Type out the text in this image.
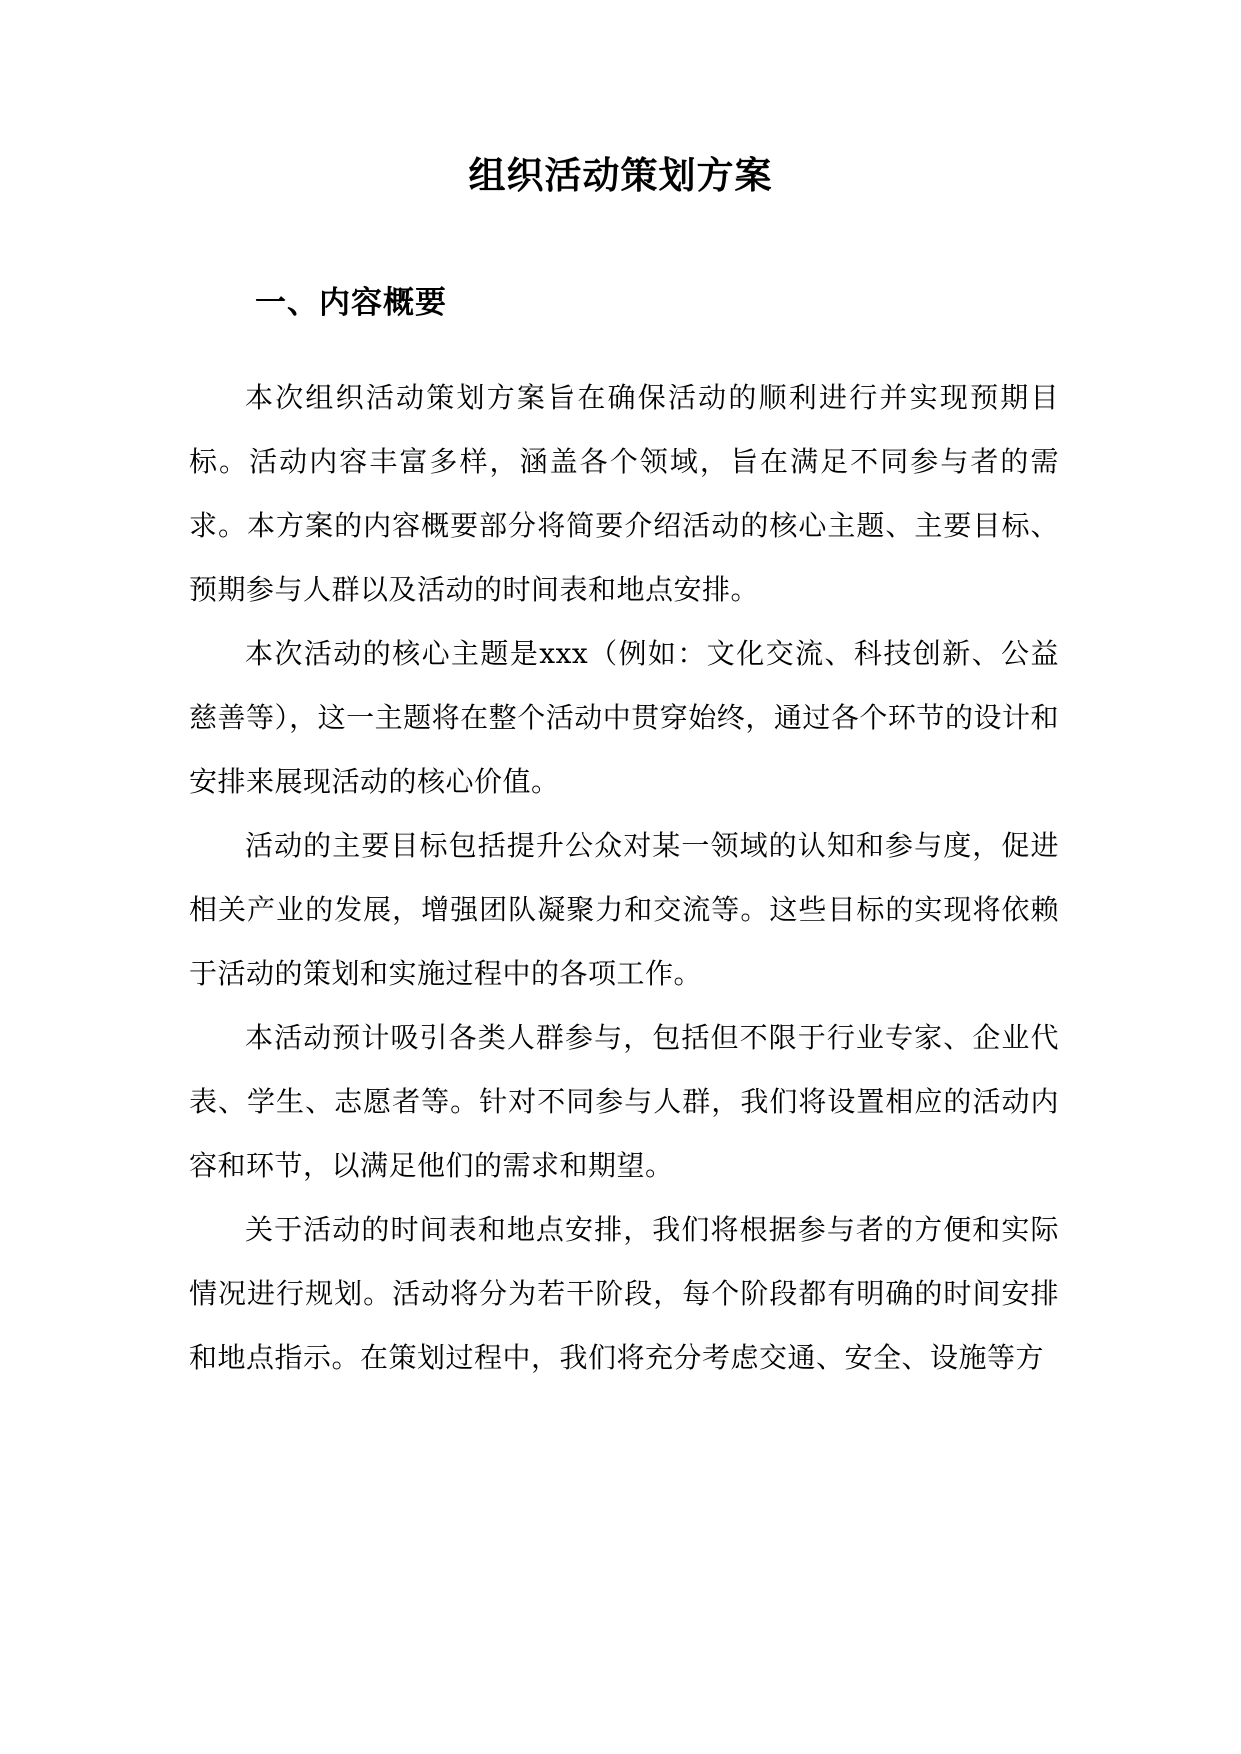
组织活动策划方案
一、内容概要

本次组织活动策划方案旨在确保活动的顺利进行并实现预期目标。活动内容丰富多样，涵盖各个领域，旨在满足不同参与者的需求。本方案的内容概要部分将简要介绍活动的核心主题、主要目标、预期参与人群以及活动的时间表和地点安排。

本次活动的核心主题是xxx（例如：文化交流、科技创新、公益慈善等），这一主题将在整个活动中贯穿始终，通过各个环节的设计和安排来展现活动的核心价值。

活动的主要目标包括提升公众对某一领域的认知和参与度，促进相关产业的发展，增强团队凝聚力和交流等。这些目标的实现将依赖于活动的策划和实施过程中的各项工作。

本活动预计吸引各类人群参与，包括但不限于行业专家、企业代表、学生、志愿者等。针对不同参与人群，我们将设置相应的活动内容和环节，以满足他们的需求和期望。

关于活动的时间表和地点安排，我们将根据参与者的方便和实际情况进行规划。活动将分为若干阶段，每个阶段都有明确的时间安排和地点指示。在策划过程中，我们将充分考虑交通、安全、设施等方
